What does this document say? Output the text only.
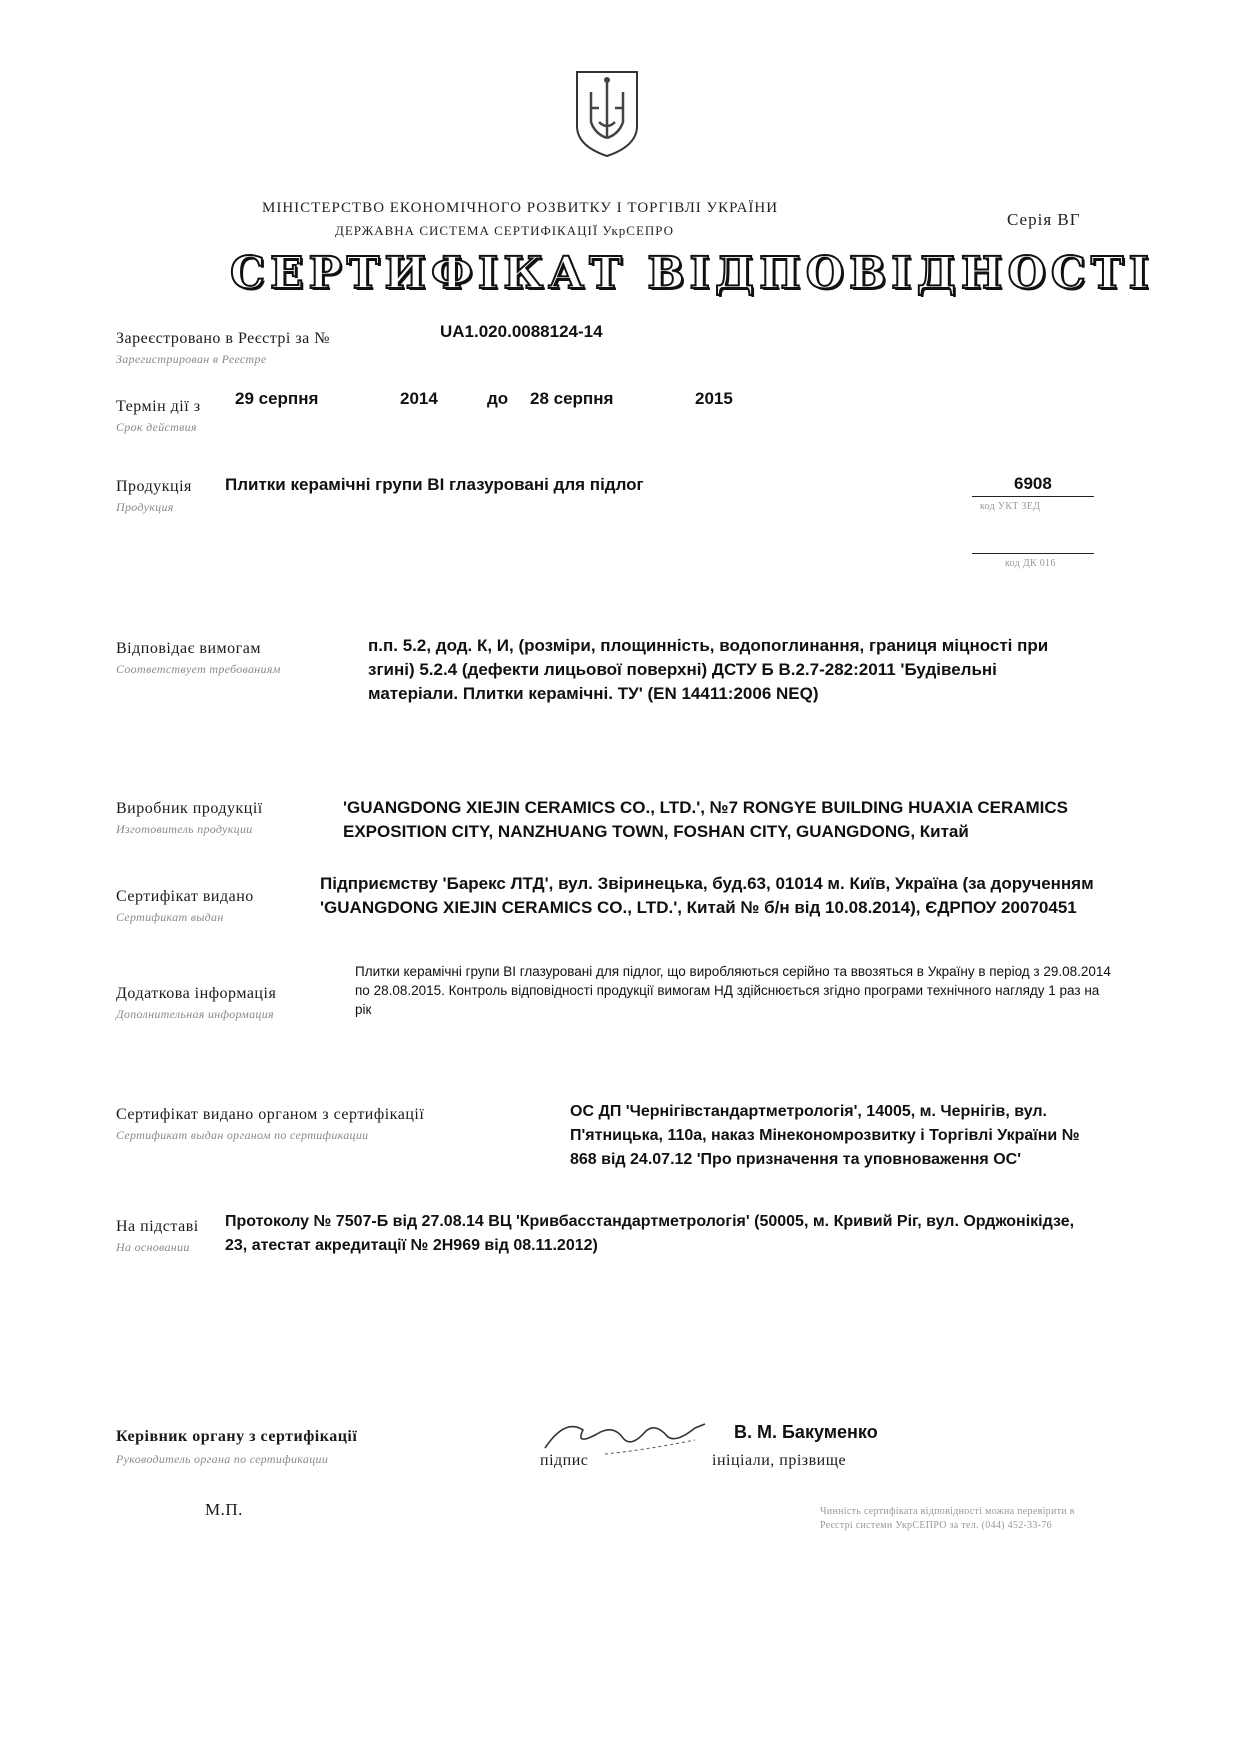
МІНІСТЕРСТВО ЕКОНОМІЧНОГО РОЗВИТКУ І ТОРГІВЛІ УКРАЇНИ
ДЕРЖАВНА СИСТЕМА СЕРТИФІКАЦІЇ УкрСЕПРО
Серія ВГ
СЕРТИФІКАТ ВІДПОВІДНОСТІ
Зареєстровано в Реєстрі за №
Зарегистрирован в Реестре
UA1.020.0088124-14
Термін дії з
Срок действия
29 серпня	2014	до 28 серпня	2015
Продукція
Продукция
Плитки керамічні групи BI глазуровані для підлог	6908
код УКТ ЗЕД
код ДК 016
Відповідає вимогам
Соответствует требованиям
п.п. 5.2, дод. К, И, (розміри, площинність, водопоглинання, границя міцності при згині) 5.2.4 (дефекти лицьової поверхні) ДСТУ Б В.2.7-282:2011 'Будівельні матеріали. Плитки керамічні. ТУ' (EN 14411:2006 NEQ)
Виробник продукції
Изготовитель продукции
'GUANGDONG XIEJIN CERAMICS CO., LTD.', №7 RONGYE BUILDING HUAXIA CERAMICS EXPOSITION CITY, NANZHUANG TOWN, FOSHAN CITY, GUANGDONG, Китай
Сертифікат видано
Сертификат выдан
Підприємству 'Барекс ЛТД', вул. Звіринецька, буд.63, 01014 м. Київ, Україна (за дорученням 'GUANGDONG XIEJIN CERAMICS CO., LTD.', Китай № б/н від 10.08.2014), ЄДРПОУ 20070451
Додаткова інформація
Дополнительная информация
Плитки керамічні групи BI глазуровані для підлог, що виробляються серійно та ввозяться в Україну в період з 29.08.2014 по 28.08.2015. Контроль відповідності продукції вимогам НД здійснюється згідно програми технічного нагляду 1 раз на рік
Сертифікат видано органом з сертифікації
Сертификат выдан органом по сертификации
ОС ДП 'Чернігівстандартметрологія', 14005, м. Чернігів, вул. П'ятницька, 110а, наказ Мінекономрозвитку і Торгівлі України № 868 від 24.07.12 'Про призначення та уповноваження ОС'
На підставі
На основании
Протоколу № 7507-Б від 27.08.14 ВЦ 'Кривбасстандартметрологія' (50005, м. Кривий Ріг, вул. Орджонікідзе, 23, атестат акредитації № 2Н969 від 08.11.2012)
Керівник органу з сертифікації
Руководитель органа по сертификации	підпис
В. М. Бакуменко
ініціали, прізвище
М.П.	Чинність сертифіката відповідності можна перевірити в Реєстрі системи УкрСЕПРО за тел. (044) 452-33-76
